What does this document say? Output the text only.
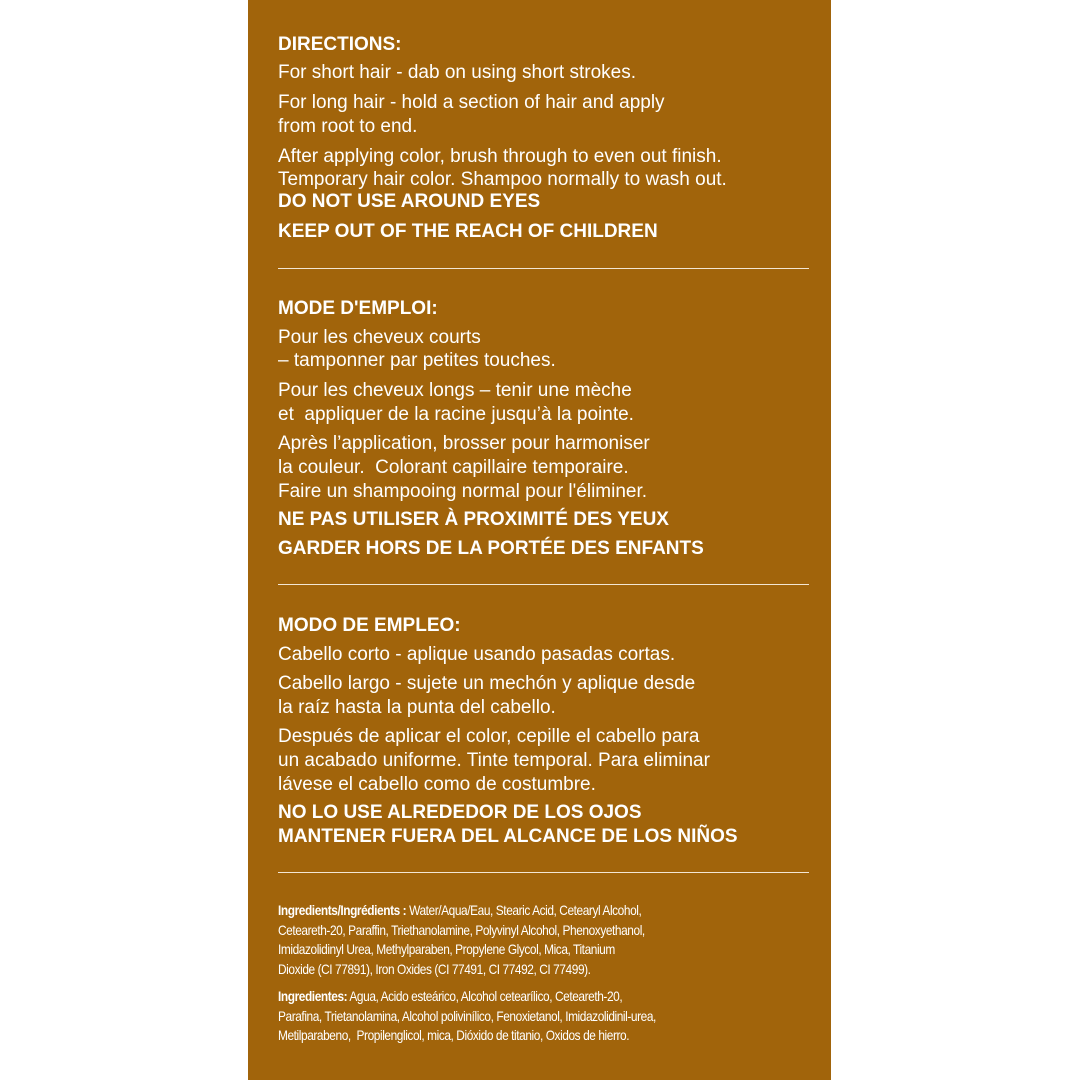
DIRECTIONS:
For short hair - dab on using short strokes.
For long hair - hold a section of hair and apply
from root to end.
After applying color, brush through to even out finish.
Temporary hair color. Shampoo normally to wash out.
DO NOT USE AROUND EYES
KEEP OUT OF THE REACH OF CHILDREN
MODE D'EMPLOI:
Pour les cheveux courts
– tamponner par petites touches.
Pour les cheveux longs – tenir une mèche
et  appliquer de la racine jusqu’à la pointe.
Après l’application, brosser pour harmoniser
la couleur.  Colorant capillaire temporaire.
Faire un shampooing normal pour l'éliminer.
NE PAS UTILISER À PROXIMITÉ DES YEUX
GARDER HORS DE LA PORTÉE DES ENFANTS
MODO DE EMPLEO:
Cabello corto - aplique usando pasadas cortas.
Cabello largo - sujete un mechón y aplique desde
la raíz hasta la punta del cabello.
Después de aplicar el color, cepille el cabello para
un acabado uniforme. Tinte temporal. Para eliminar
lávese el cabello como de costumbre.
NO LO USE ALREDEDOR DE LOS OJOS
MANTENER FUERA DEL ALCANCE DE LOS NIÑOS
Ingredients/Ingrédients : Water/Aqua/Eau, Stearic Acid, Cetearyl Alcohol,
Ceteareth-20, Paraffin, Triethanolamine, Polyvinyl Alcohol, Phenoxyethanol,
Imidazolidinyl Urea, Methylparaben, Propylene Glycol, Mica, Titanium
Dioxide (CI 77891), Iron Oxides (CI 77491, CI 77492, CI 77499).
Ingredientes: Agua, Acido esteárico, Alcohol cetearílico, Ceteareth-20,
Parafina, Trietanolamina, Alcohol polivinílico, Fenoxietanol, Imidazolidinil-urea,
Metilparabeno,  Propilenglicol, mica, Dióxido de titanio, Oxidos de hierro.
